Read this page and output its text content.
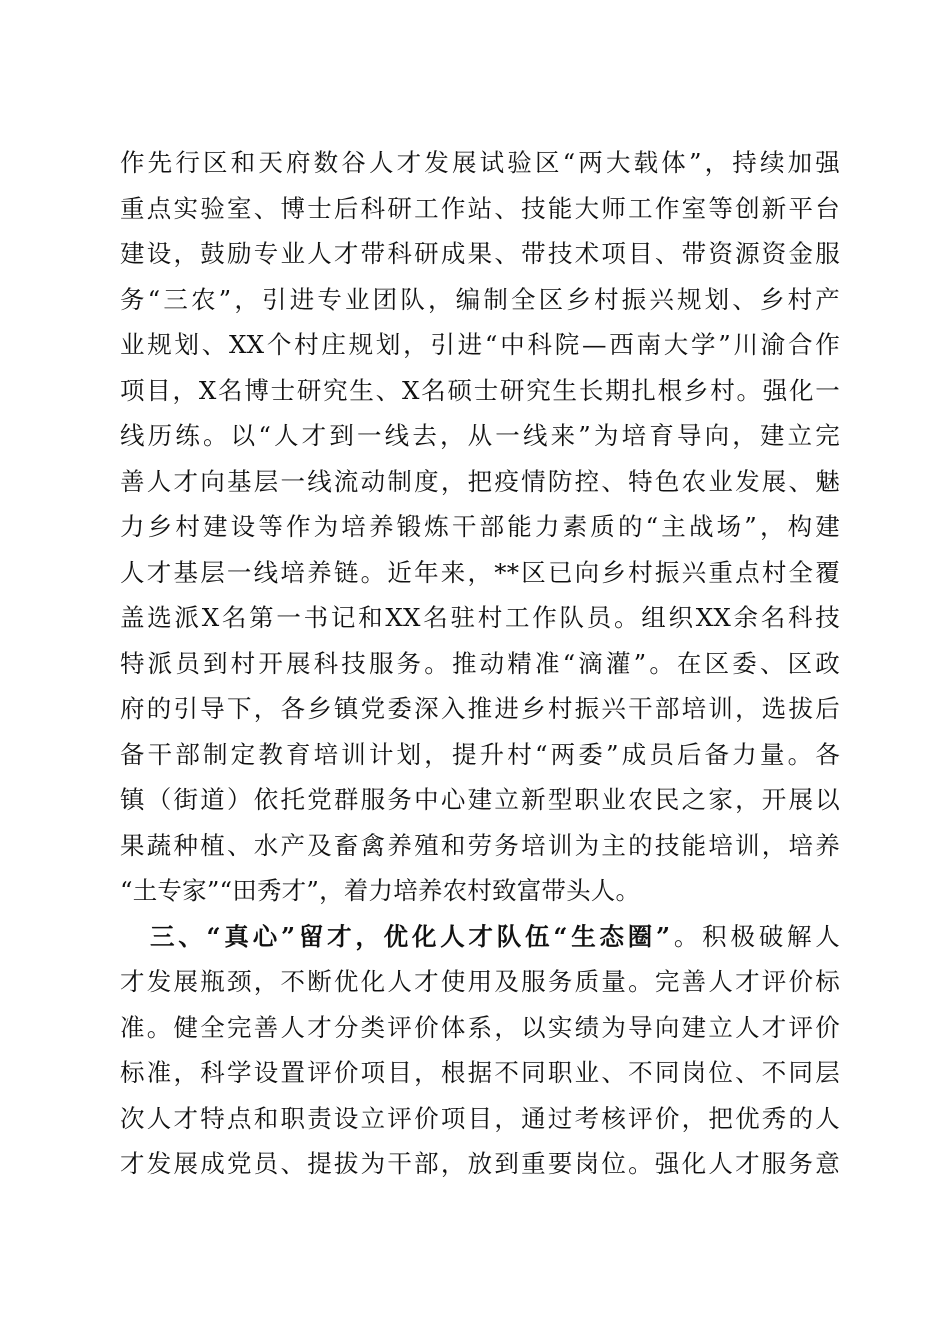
作先行区和天府数谷人才发展试验区“两大载体”，持续加强
重点实验室、博士后科研工作站、技能大师工作室等创新平台
建设，鼓励专业人才带科研成果、带技术项目、带资源资金服
务“三农”，引进专业团队，编制全区乡村振兴规划、乡村产
业规划、XX个村庄规划，引进“中科院—西南大学”川渝合作
项目，X名博士研究生、X名硕士研究生长期扎根乡村。强化一
线历练。以“人才到一线去，从一线来”为培育导向，建立完
善人才向基层一线流动制度，把疫情防控、特色农业发展、魅
力乡村建设等作为培养锻炼干部能力素质的“主战场”，构建
人才基层一线培养链。近年来，**区已向乡村振兴重点村全覆
盖选派X名第一书记和XX名驻村工作队员。组织XX余名科技
特派员到村开展科技服务。推动精准“滴灌”。在区委、区政
府的引导下，各乡镇党委深入推进乡村振兴干部培训，选拔后
备干部制定教育培训计划，提升村“两委”成员后备力量。各
镇（街道）依托党群服务中心建立新型职业农民之家，开展以
果蔬种植、水产及畜禽养殖和劳务培训为主的技能培训，培养
“土专家”“田秀才”，着力培养农村致富带头人。
三、“真心”留才，优化人才队伍“生态圈”。积极破解人
才发展瓶颈，不断优化人才使用及服务质量。完善人才评价标
准。健全完善人才分类评价体系，以实绩为导向建立人才评价
标准，科学设置评价项目，根据不同职业、不同岗位、不同层
次人才特点和职责设立评价项目，通过考核评价，把优秀的人
才发展成党员、提拔为干部，放到重要岗位。强化人才服务意
